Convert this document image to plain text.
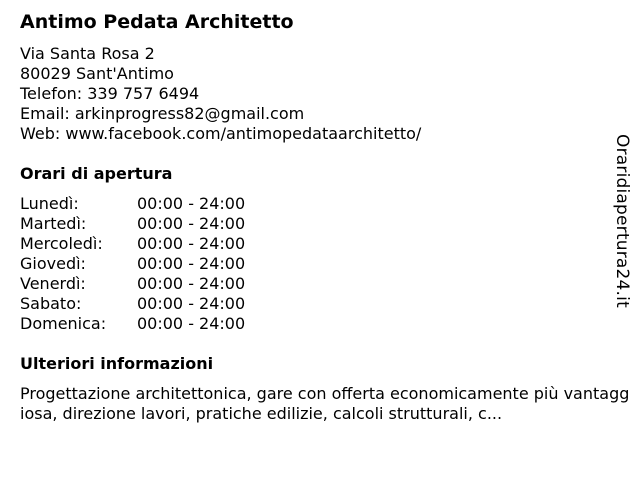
Antimo Pedata Architetto
Via Santa Rosa 2
80029 Sant'Antimo
Telefon: 339 757 6494
Email: arkinprogress82@gmail.com
Web: www.facebook.com/antimopedataarchitetto/
Orari di apertura
Lunedì:	00:00 - 24:00
Martedì:	00:00 - 24:00
Mercoledì:	00:00 - 24:00
Giovedì:	00:00 - 24:00
Venerdì:	00:00 - 24:00
Sabato:	00:00 - 24:00
Domenica:	00:00 - 24:00
Ulteriori informazioni
Progettazione architettonica, gare con offerta economicamente più vantaggiosa, direzione lavori, pratiche edilizie, calcoli strutturali, c...
Oraridiapertura24.it
